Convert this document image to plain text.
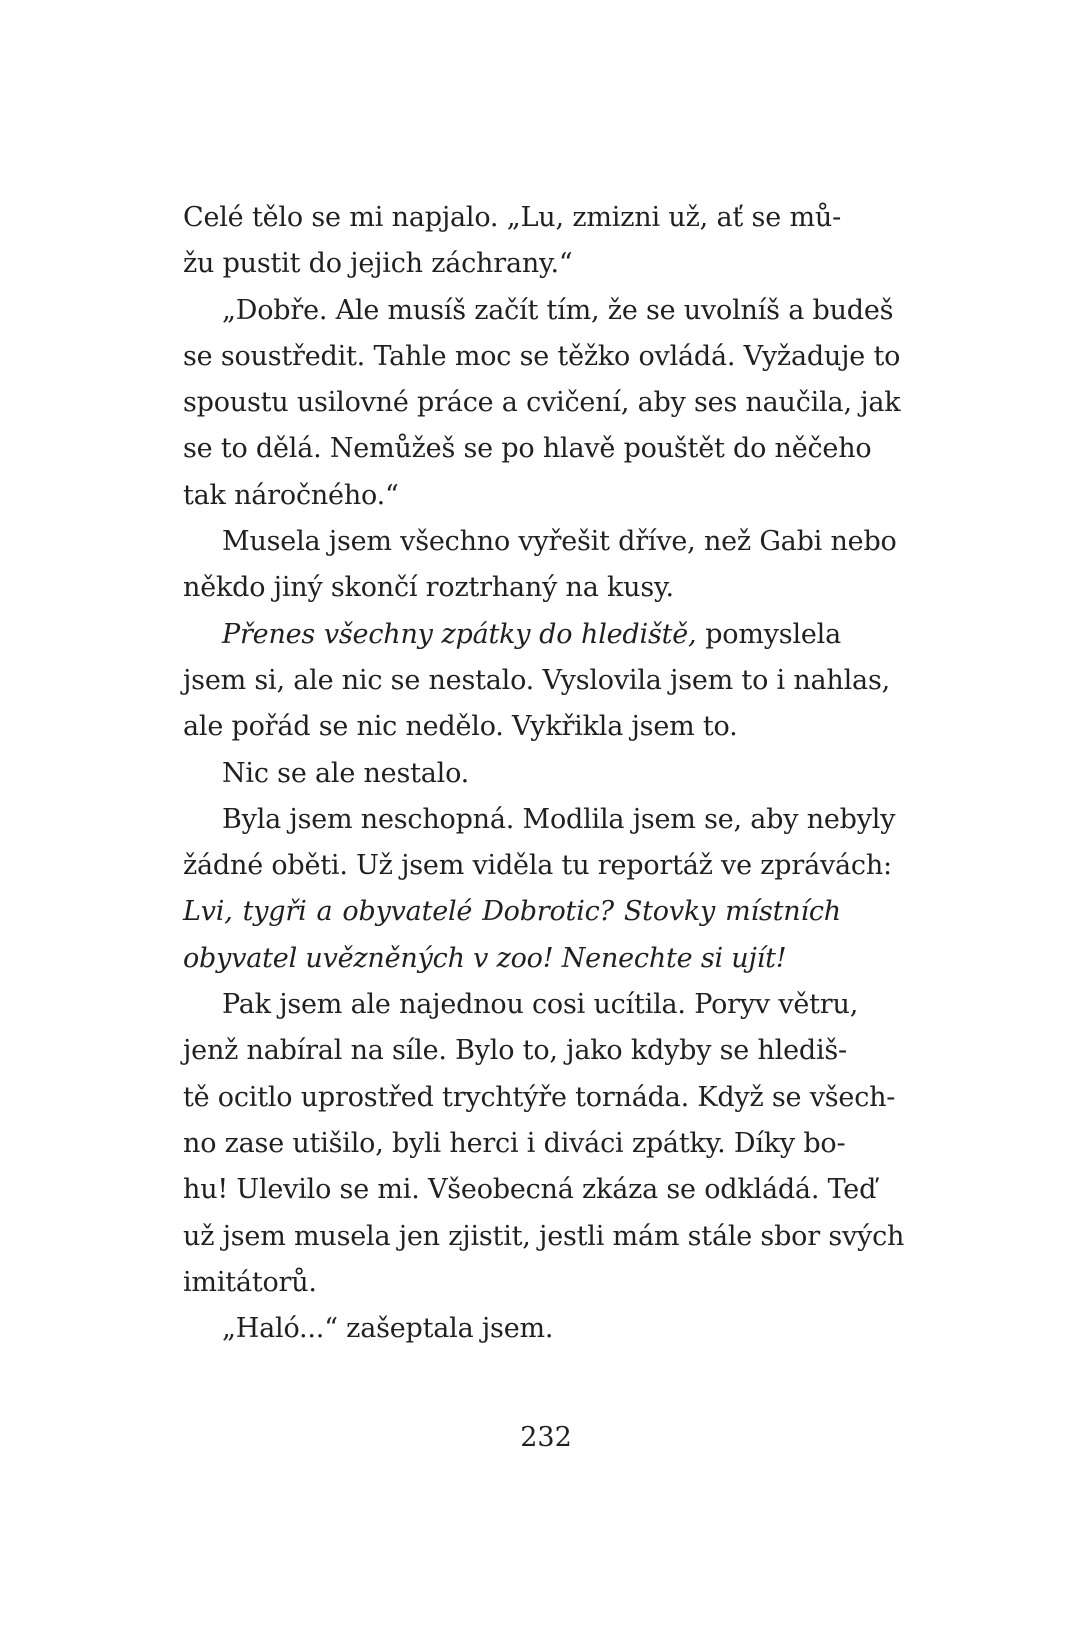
Celé tělo se mi napjalo. „Lu, zmizni už, ať se mů-
žu pustit do jejich záchrany.“
„Dobře. Ale musíš začít tím, že se uvolníš a budeš
se soustředit. Tahle moc se těžko ovládá. Vyžaduje to
spoustu usilovné práce a cvičení, aby ses naučila, jak
se to dělá. Nemůžeš se po hlavě pouštět do něčeho
tak náročného.“
Musela jsem všechno vyřešit dříve, než Gabi nebo
někdo jiný skončí roztrhaný na kusy.
Přenes všechny zpátky do hlediště, pomyslela
jsem si, ale nic se nestalo. Vyslovila jsem to i nahlas,
ale pořád se nic nedělo. Vykřikla jsem to.
Nic se ale nestalo.
Byla jsem neschopná. Modlila jsem se, aby nebyly
žádné oběti. Už jsem viděla tu reportáž ve zprávách:
Lvi, tygři a obyvatelé Dobrotic? Stovky místních
obyvatel uvězněných v zoo! Nenechte si ujít!
Pak jsem ale najednou cosi ucítila. Poryv větru,
jenž nabíral na síle. Bylo to, jako kdyby se hlediš-
tě ocitlo uprostřed trychtýře tornáda. Když se všech-
no zase utišilo, byli herci i diváci zpátky. Díky bo-
hu! Ulevilo se mi. Všeobecná zkáza se odkládá. Teď
už jsem musela jen zjistit, jestli mám stále sbor svých
imitátorů.
„Haló...“ zašeptala jsem.
232
